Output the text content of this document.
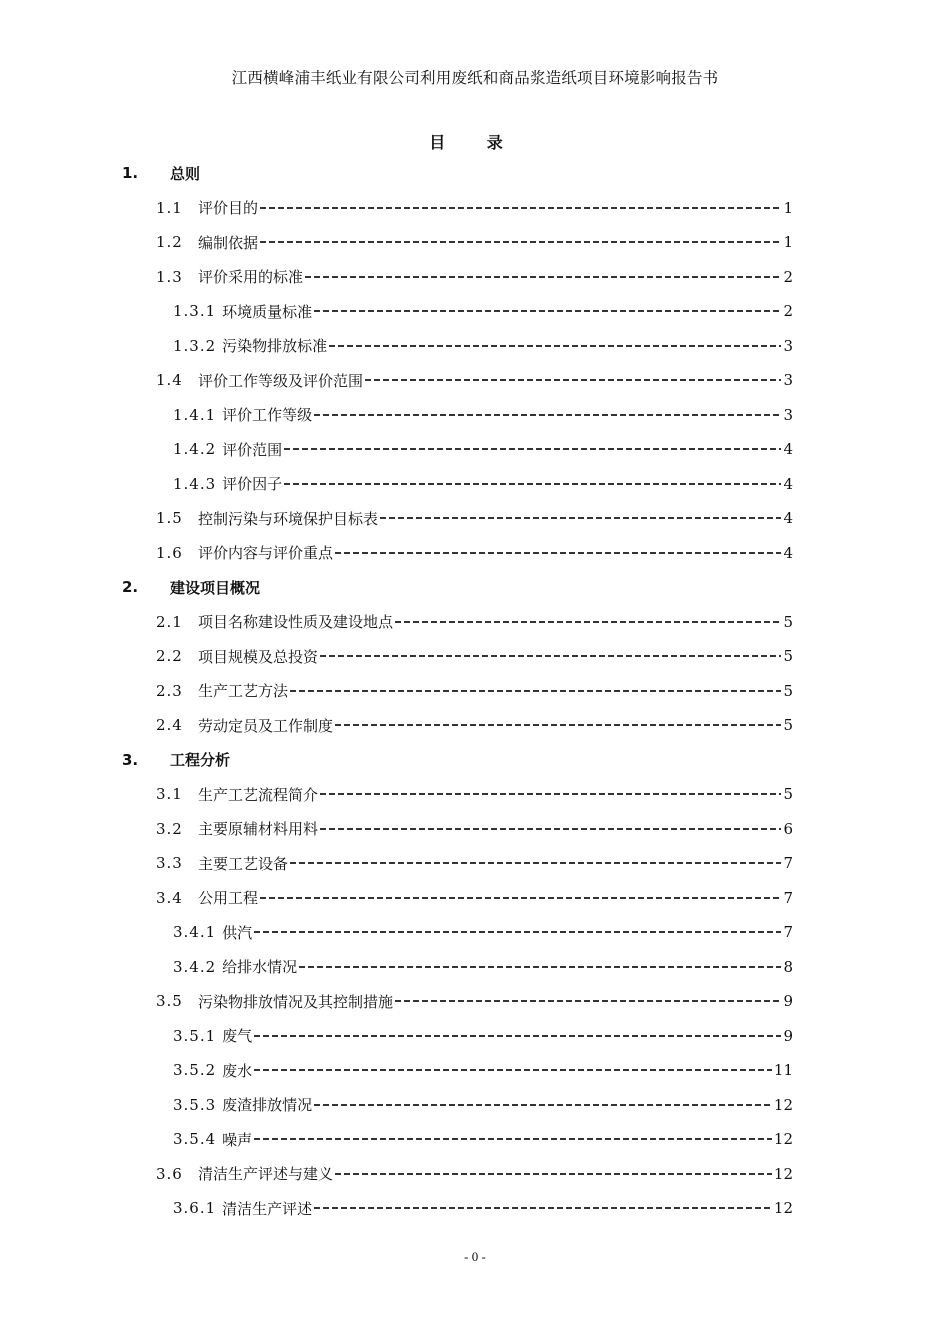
江西横峰浦丰纸业有限公司利用废纸和商品浆造纸项目环境影响报告书
目 录
1.	总则
1.1	评价目的	1
1.2	编制依据	1
1.3	评价采用的标准	2
1.3.1 环境质量标准	2
1.3.2 污染物排放标准	3
1.4	评价工作等级及评价范围	3
1.4.1 评价工作等级	3
1.4.2 评价范围	4
1.4.3 评价因子	4
1.5	控制污染与环境保护目标表	4
1.6	评价内容与评价重点	4
2.	建设项目概况
2.1	项目名称建设性质及建设地点	5
2.2	项目规模及总投资	5
2.3	生产工艺方法	5
2.4	劳动定员及工作制度	5
3.	工程分析
3.1	生产工艺流程简介	5
3.2	主要原辅材料用料	6
3.3	主要工艺设备	7
3.4	公用工程	7
3.4.1 供汽	7
3.4.2 给排水情况	8
3.5	污染物排放情况及其控制措施	9
3.5.1 废气	9
3.5.2 废水	11
3.5.3 废渣排放情况	12
3.5.4 噪声	12
3.6	清洁生产评述与建义	12
3.6.1 清洁生产评述	12
- 0 -
